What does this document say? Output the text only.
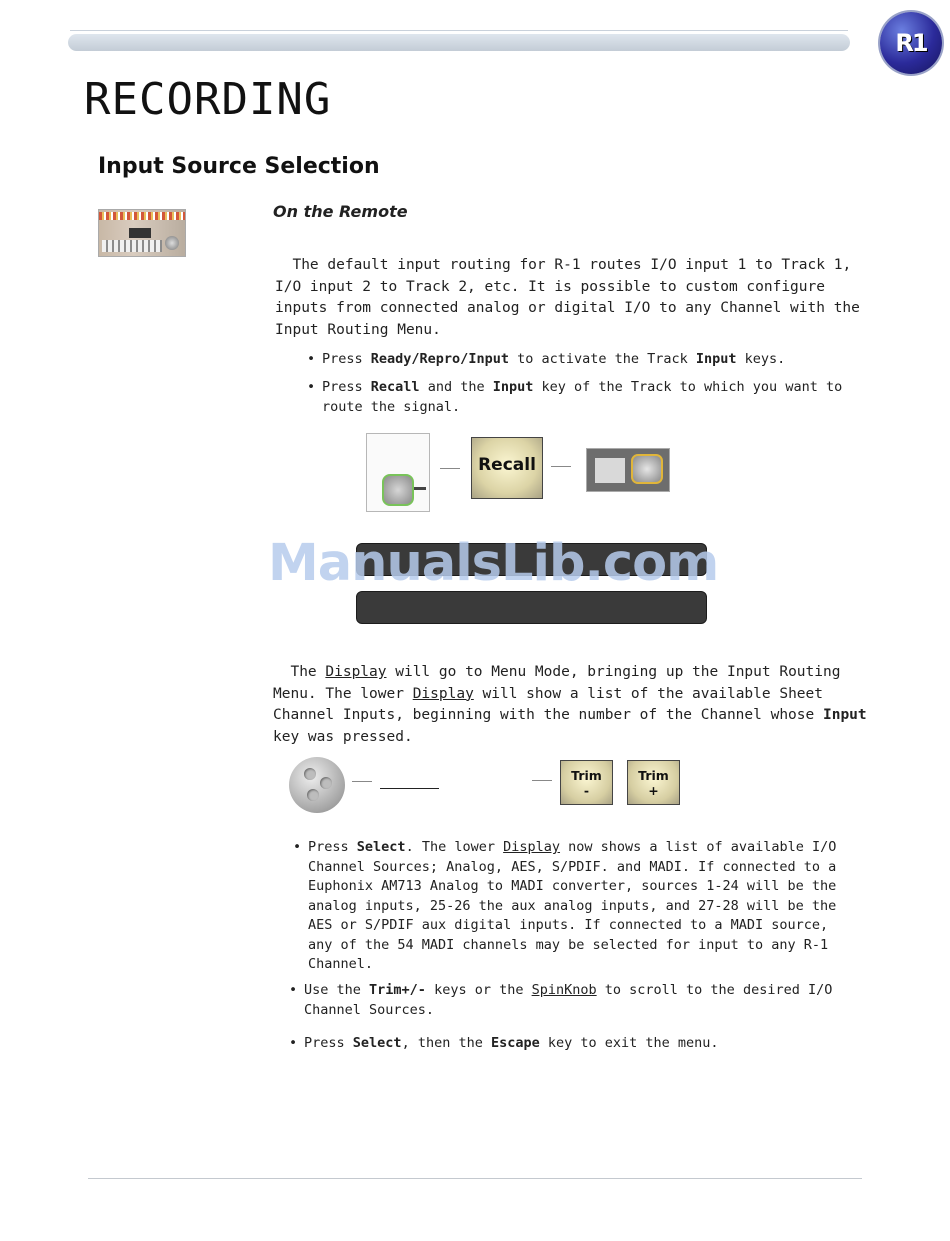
R1
RECORDING
Input Source Selection
On the Remote
The default input routing for R-1 routes I/O input 1 to Track 1, I/O input 2 to Track 2, etc. It is possible to custom configure inputs from connected analog or digital I/O to any Channel with the Input Routing Menu.
• Press Ready/Repro/Input to activate the Track Input keys.
• Press Recall and the Input key of the Track to which you want to route the signal.
Recall
ManualsLib.com
The Display will go to Menu Mode, bringing up the Input Routing Menu. The lower Display will show a list of the available Sheet Channel Inputs, beginning with the number of the Channel whose Input key was pressed.
Trim
-
Trim
+
• Press Select. The lower Display now shows a list of available I/O Channel Sources; Analog, AES, S/PDIF. and MADI. If connected to a Euphonix AM713 Analog to MADI converter, sources 1-24 will be the analog inputs, 25-26 the aux analog inputs, and 27-28 will be the AES or S/PDIF aux digital inputs. If connected to a MADI source, any of the 54 MADI channels may be selected for input to any R-1 Channel.
• Use the Trim+/- keys or the SpinKnob to scroll to the desired I/O Channel Sources.
• Press Select, then the Escape key to exit the menu.
